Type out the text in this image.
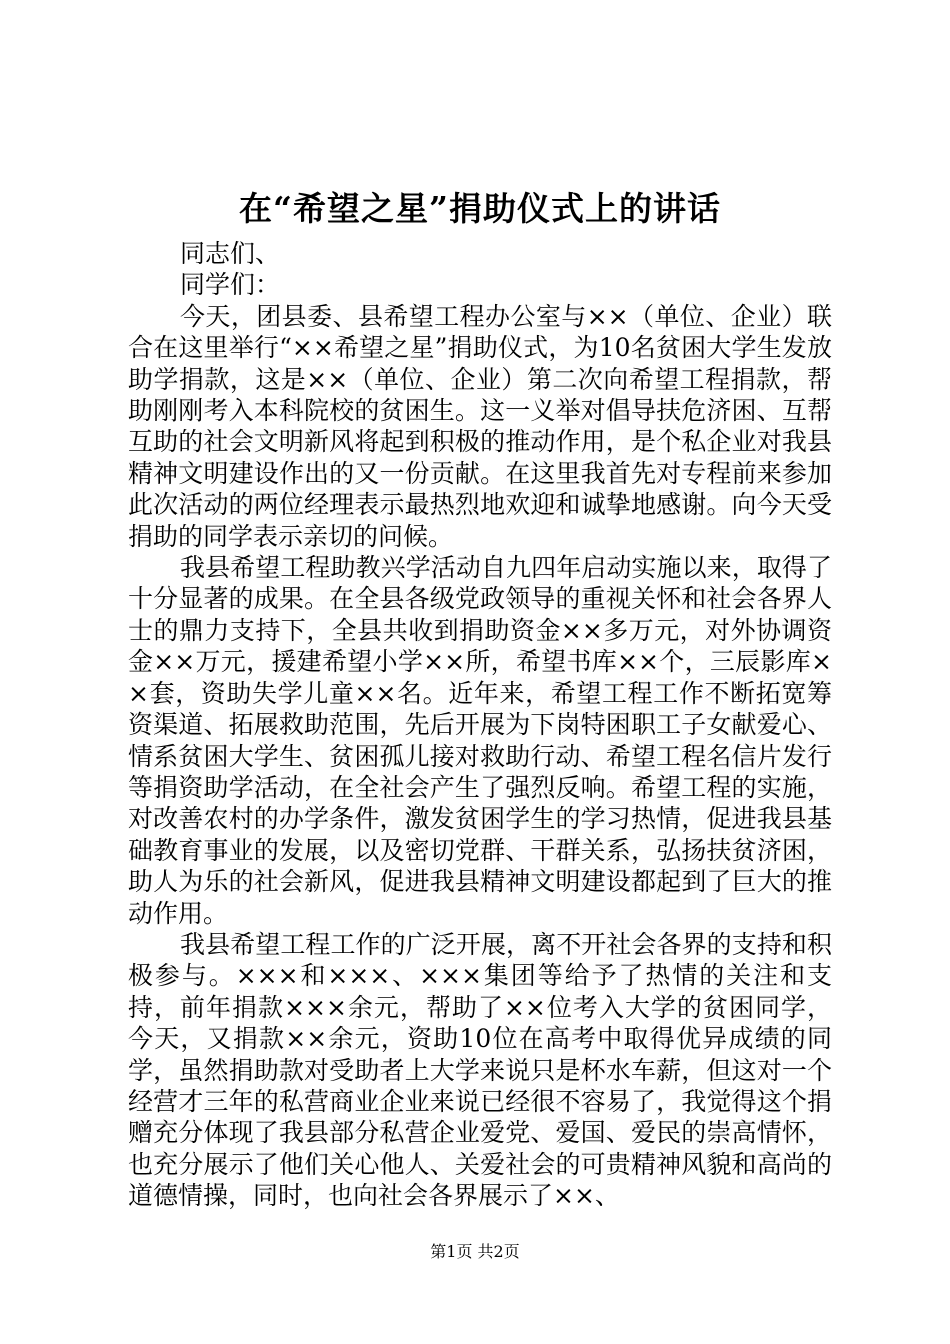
在“希望之星”捐助仪式上的讲话

同志们、

同学们：

今天，团县委、县希望工程办公室与××（单位、企业）联合在这里举行“××希望之星”捐助仪式，为10名贫困大学生发放助学捐款，这是××（单位、企业）第二次向希望工程捐款，帮助刚刚考入本科院校的贫困生。这一义举对倡导扶危济困、互帮互助的社会文明新风将起到积极的推动作用，是个私企业对我县精神文明建设作出的又一份贡献。在这里我首先对专程前来参加此次活动的两位经理表示最热烈地欢迎和诚挚地感谢。向今天受捐助的同学表示亲切的问候。

我县希望工程助教兴学活动自九四年启动实施以来，取得了十分显著的成果。在全县各级党政领导的重视关怀和社会各界人士的鼎力支持下，全县共收到捐助资金××多万元，对外协调资金××万元，援建希望小学××所，希望书库××个，三辰影库××套，资助失学儿童××名。近年来，希望工程工作不断拓宽筹资渠道、拓展救助范围，先后开展为下岗特困职工子女献爱心、情系贫困大学生、贫困孤儿接对救助行动、希望工程名信片发行等捐资助学活动，在全社会产生了强烈反响。希望工程的实施，对改善农村的办学条件，激发贫困学生的学习热情，促进我县基础教育事业的发展，以及密切党群、干群关系，弘扬扶贫济困，助人为乐的社会新风，促进我县精神文明建设都起到了巨大的推动作用。

我县希望工程工作的广泛开展，离不开社会各界的支持和积极参与。×××和×××、×××集团等给予了热情的关注和支持，前年捐款×××余元，帮助了××位考入大学的贫困同学，今天，又捐款××余元，资助10位在高考中取得优异成绩的同学，虽然捐助款对受助者上大学来说只是杯水车薪，但这对一个经营才三年的私营商业企业来说已经很不容易了，我觉得这个捐赠充分体现了我县部分私营企业爱党、爱国、爱民的崇高情怀，也充分展示了他们关心他人、关爱社会的可贵精神风貌和高尚的道德情操，同时，也向社会各界展示了××、

第1页 共2页
